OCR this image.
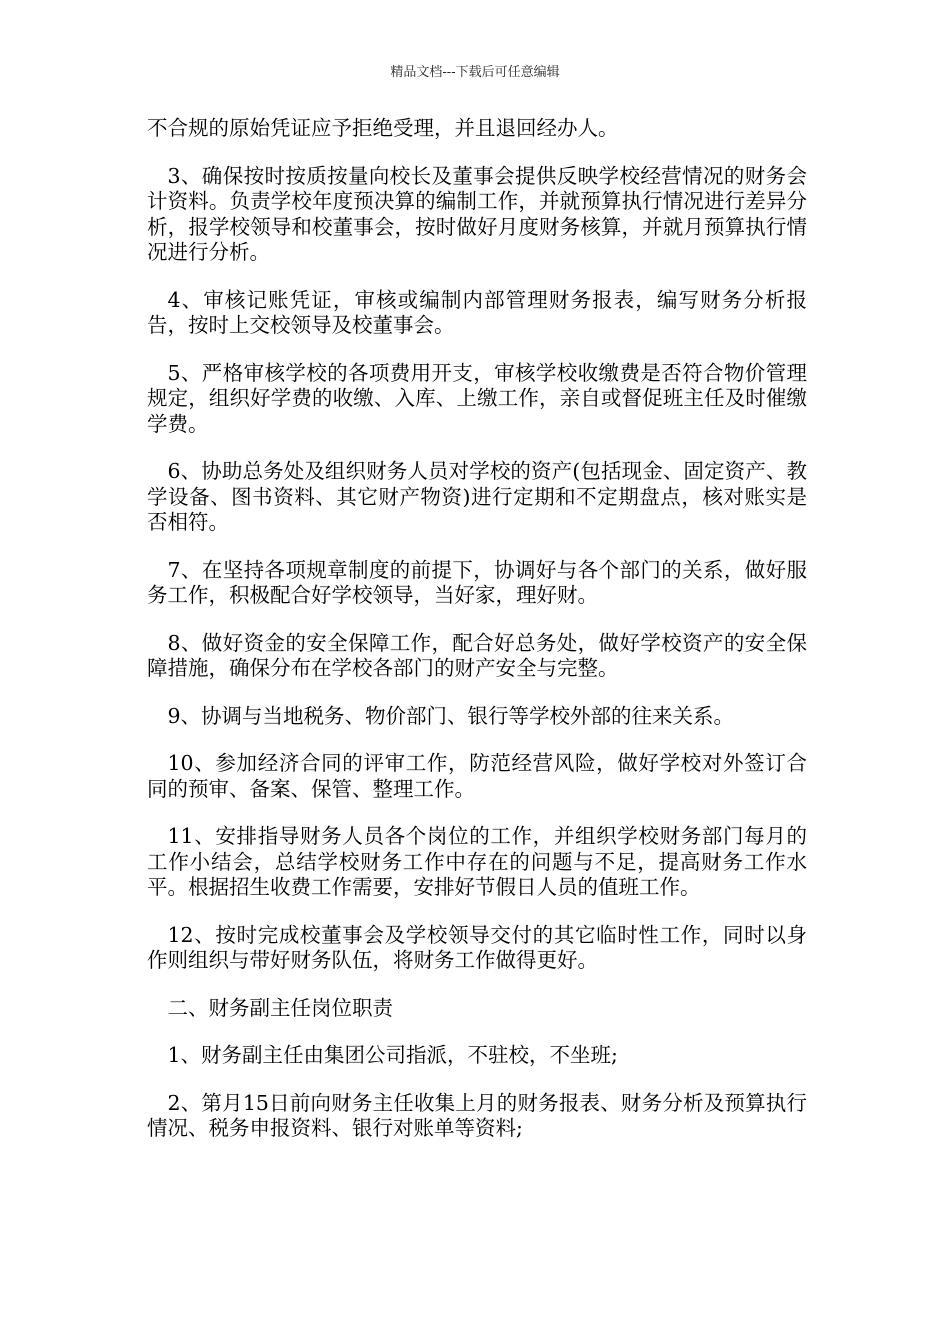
精品文档---下载后可任意编辑

不合规的原始凭证应予拒绝受理，并且退回经办人。

3、确保按时按质按量向校长及董事会提供反映学校经营情况的财务会计资料。负责学校年度预决算的编制工作，并就预算执行情况进行差异分析，报学校领导和校董事会，按时做好月度财务核算，并就月预算执行情况进行分析。

4、审核记账凭证，审核或编制内部管理财务报表，编写财务分析报告，按时上交校领导及校董事会。

5、严格审核学校的各项费用开支，审核学校收缴费是否符合物价管理规定，组织好学费的收缴、入库、上缴工作，亲自或督促班主任及时催缴学费。

6、协助总务处及组织财务人员对学校的资产(包括现金、固定资产、教学设备、图书资料、其它财产物资)进行定期和不定期盘点，核对账实是否相符。

7、在坚持各项规章制度的前提下，协调好与各个部门的关系，做好服务工作，积极配合好学校领导，当好家，理好财。

8、做好资金的安全保障工作，配合好总务处，做好学校资产的安全保障措施，确保分布在学校各部门的财产安全与完整。

9、协调与当地税务、物价部门、银行等学校外部的往来关系。

10、参加经济合同的评审工作，防范经营风险，做好学校对外签订合同的预审、备案、保管、整理工作。

11、安排指导财务人员各个岗位的工作，并组织学校财务部门每月的工作小结会，总结学校财务工作中存在的问题与不足，提高财务工作水平。根据招生收费工作需要，安排好节假日人员的值班工作。

12、按时完成校董事会及学校领导交付的其它临时性工作，同时以身作则组织与带好财务队伍，将财务工作做得更好。

二、财务副主任岗位职责

1、财务副主任由集团公司指派，不驻校，不坐班;

2、第月15日前向财务主任收集上月的财务报表、财务分析及预算执行情况、税务申报资料、银行对账单等资料;
